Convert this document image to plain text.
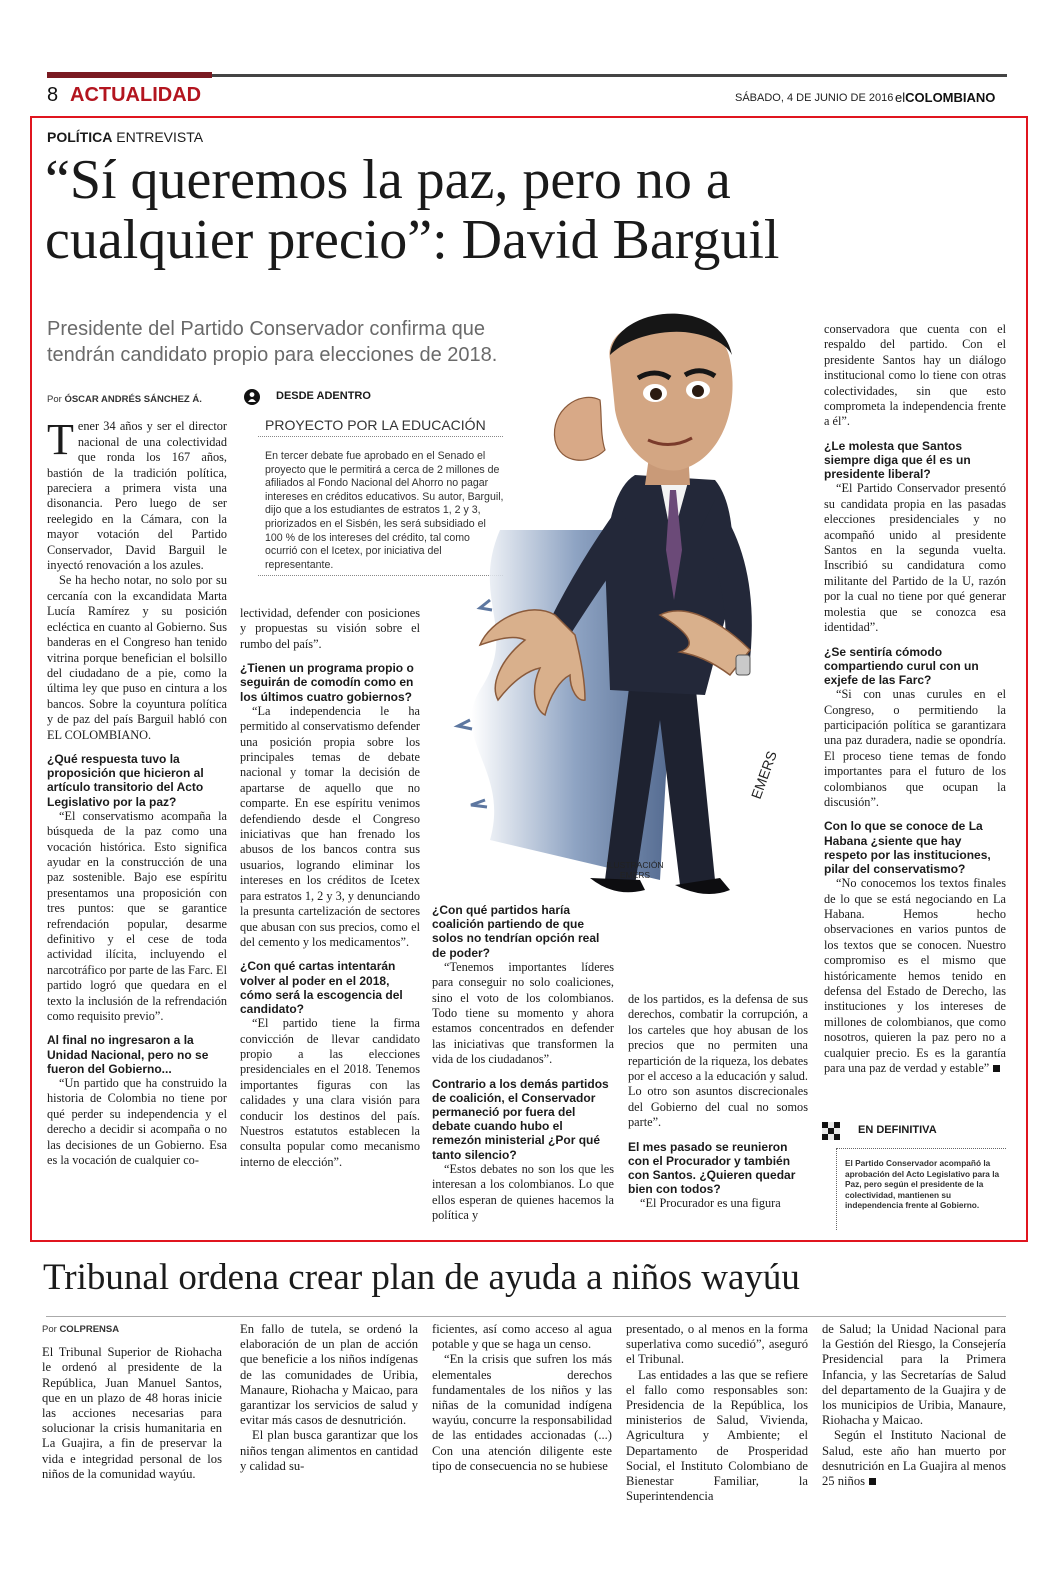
8 ACTUALIDAD	SÁBADO, 4 DE JUNIO DE 2016 elCOLOMBIANO
POLÍTICA ENTREVISTA
“Sí queremos la paz, pero no a
cualquier precio”: David Barguil
Presidente del Partido Conservador confirma que
tendrán candidato propio para elecciones de 2018.
Por ÓSCAR ANDRÉS SÁNCHEZ Á.
T ener 34 años y ser el director nacional de una colectividad que ronda los 167 años, bastión de la tradición política, pareciera a primera vista una disonancia. Pero luego de ser reelegido en la Cámara, con la mayor votación del Partido Conservador, David Barguil le inyectó renovación a los azules.

Se ha hecho notar, no solo por su cercanía con la excandidata Marta Lucía Ramírez y su posición ecléctica en cuanto al Gobierno. Sus banderas en el Congreso han tenido vitrina porque benefician el bolsillo del ciudadano de a pie, como la última ley que puso en cintura a los bancos. Sobre la coyuntura política y de paz del país Barguil habló con EL COLOMBIANO.

¿Qué respuesta tuvo la proposición que hicieron al artículo transitorio del Acto Legislativo por la paz?

“El conservatismo acompaña la búsqueda de la paz como una vocación histórica. Esto significa ayudar en la construcción de una paz sostenible. Bajo ese espíritu presentamos una proposición con tres puntos: que se garantice refrendación popular, desarme definitivo y el cese de toda actividad ilícita, incluyendo el narcotráfico por parte de las Farc. El partido logró que quedara en el texto la inclusión de la refrendación como requisito previo”.

Al final no ingresaron a la Unidad Nacional, pero no se fueron del Gobierno...

“Un partido que ha construido la historia de Colombia no tiene por qué perder su independencia y el derecho a decidir si acompaña o no las decisiones de un Gobierno. Esa es la vocación de cualquier co-

DESDE ADENTRO
PROYECTO POR LA EDUCACIÓN
En tercer debate fue aprobado en el Senado el proyecto que le permitirá a cerca de 2 millones de afiliados al Fondo Nacional del Ahorro no pagar intereses en créditos educativos. Su autor, Barguil, dijo que a los estudiantes de estratos 1, 2 y 3, priorizados en el Sisbén, les será subsidiado el 100 % de los intereses del crédito, tal como ocurrió con el Icetex, por iniciativa del representante.

lectividad, defender con posiciones y propuestas su visión sobre el rumbo del país”.

¿Tienen un programa propio o seguirán de comodín como en los últimos cuatro gobiernos?

“La independencia le ha permitido al conservatismo defender una posición propia sobre los principales temas de debate nacional y tomar la decisión de apartarse de aquello que no comparte. En ese espíritu venimos defendiendo desde el Congreso iniciativas que han frenado los abusos de los bancos contra sus usuarios, logrando eliminar los intereses en los créditos de Icetex para estratos 1, 2 y 3, y denunciando la presunta cartelización de sectores que abusan con sus precios, como el del cemento y los medicamentos”.

¿Con qué cartas intentarán volver al poder en el 2018, cómo será la escogencia del candidato?

“El partido tiene la firma convicción de llevar candidato propio a las elecciones presidenciales en el 2018. Tenemos importantes figuras con las calidades y una clara visión para conducir los destinos del país. Nuestros estatutos establecen la consulta popular como mecanismo interno de elección”.

EMERS
ILUSTRACIÓN
EMERS

¿Con qué partidos haría coalición partiendo de que solos no tendrían opción real de poder?

“Tenemos importantes líderes para conseguir no solo coaliciones, sino el voto de los colombianos. Todo tiene su momento y ahora estamos concentrados en defender las iniciativas que transformen la vida de los ciudadanos”.

Contrario a los demás partidos de coalición, el Conservador permaneció por fuera del debate cuando hubo el remezón ministerial ¿Por qué tanto silencio?

“Estos debates no son los que les interesan a los colombianos. Lo que ellos esperan de quienes hacemos la política y

de los partidos, es la defensa de sus derechos, combatir la corrupción, a los carteles que hoy abusan de los precios que no permiten una repartición de la riqueza, los debates por el acceso a la educación y salud. Lo otro son asuntos discrecionales del Gobierno del cual no somos parte”.

El mes pasado se reunieron con el Procurador y también con Santos. ¿Quieren quedar bien con todos?

“El Procurador es una figura

conservadora que cuenta con el respaldo del partido. Con el presidente Santos hay un diálogo institucional como lo tiene con otras colectividades, sin que esto comprometa la independencia frente a él”.

¿Le molesta que Santos siempre diga que él es un presidente liberal?

“El Partido Conservador presentó su candidata propia en las pasadas elecciones presidenciales y no acompañó unido al presidente Santos en la segunda vuelta. Inscribió su candidatura como militante del Partido de la U, razón por la cual no tiene por qué generar molestia que se conozca esa identidad”.

¿Se sentiría cómodo compartiendo curul con un exjefe de las Farc?

“Si con unas curules en el Congreso, o permitiendo la participación política se garantizara una paz duradera, nadie se opondría. El proceso tiene temas de fondo importantes para el futuro de los colombianos que ocupan la discusión”.

Con lo que se conoce de La Habana ¿siente que hay respeto por las instituciones, pilar del conservatismo?

“No conocemos los textos finales de lo que se está negociando en La Habana. Hemos hecho observaciones en varios puntos de los textos que se conocen. Nuestro compromiso es el mismo que históricamente hemos tenido en defensa del Estado de Derecho, las instituciones y los intereses de millones de colombianos, que como nosotros, quieren la paz pero no a cualquier precio. Es es la garantía para una paz de verdad y estable”

EN DEFINITIVA
El Partido Conservador acompañó la aprobación del Acto Legislativo para la Paz, pero según el presidente de la colectividad, mantienen su independencia frente al Gobierno.
Tribunal ordena crear plan de ayuda a niños wayúu
Por COLPRENSA

El Tribunal Superior de Riohacha le ordenó al presidente de la República, Juan Manuel Santos, que en un plazo de 48 horas inicie las acciones necesarias para solucionar la crisis humanitaria en La Guajira, a fin de preservar la vida e integridad personal de los niños de la comunidad wayúu.

En fallo de tutela, se ordenó la elaboración de un plan de acción que beneficie a los niños indígenas de las comunidades de Uribia, Manaure, Riohacha y Maicao, para garantizar los servicios de salud y evitar más casos de desnutrición.

El plan busca garantizar que los niños tengan alimentos en cantidad y calidad su-

ficientes, así como acceso al agua potable y que se haga un censo.

“En la crisis que sufren los más elementales derechos fundamentales de los niños y las niñas de la comunidad indígena wayúu, concurre la responsabilidad de las entidades accionadas (...) Con una atención diligente este tipo de consecuencia no se hubiese

presentado, o al menos en la forma superlativa como sucedió”, aseguró el Tribunal.

Las entidades a las que se refiere el fallo como responsables son: Presidencia de la República, los ministerios de Salud, Vivienda, Agricultura y Ambiente; el Departamento de Prosperidad Social, el Instituto Colombiano de Bienestar Familiar, la Superintendencia

de Salud; la Unidad Nacional para la Gestión del Riesgo, la Consejería Presidencial para la Primera Infancia, y las Secretarías de Salud del departamento de la Guajira y de los municipios de Uribia, Manaure, Riohacha y Maicao.

Según el Instituto Nacional de Salud, este año han muerto por desnutrición en La Guajira al menos 25 niños
